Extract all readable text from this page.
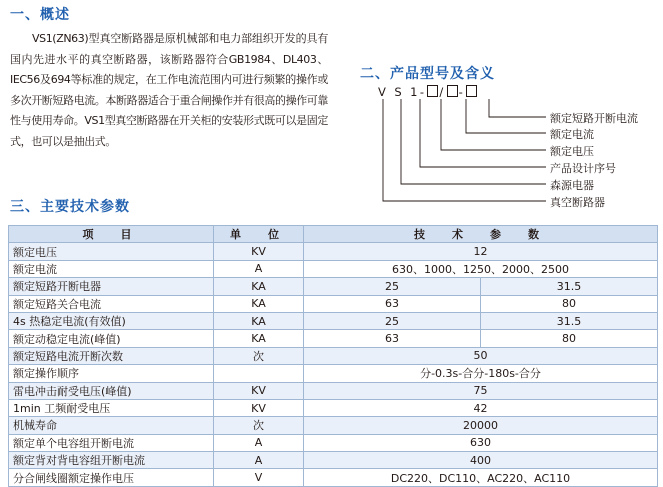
一、概述

VS1(ZN63)型真空断路器是原机械部和电力部组织开发的具有国内先进水平的真空断路器，该断路器符合GB1984、DL403、IEC56及694等标准的规定，在工作电流范围内可进行频繁的操作或多次开断短路电流。本断路器适合于重合闸操作并有很高的操作可靠性与使用寿命。VS1型真空断路器在开关柜的安装形式既可以是固定式，也可以是抽出式。

二、产品型号及含义
V S 1- / -
额定短路开断电流
额定电流
额定电压
产品设计序号
森源电器
真空断路器
三、主要技术参数
项　目	单　位	技　术　参　数	
额定电压	KV	12	
额定电流	A	630、1000、1250、2000、2500	
额定短路开断电器	KA	25	31.5
额定短路关合电流	KA	63	80
4s 热稳定电流(有效值)	KA	25	31.5
额定动稳定电流(峰值)	KA	63	80
额定短路电流开断次数	次	50	
额定操作顺序		分-0.3s-合分-180s-合分	
雷电冲击耐受电压(峰值)	KV	75	
1min 工频耐受电压	KV	42	
机械寿命	次	20000	
额定单个电容组开断电流	A	630	
额定背对背电容组开断电流	A	400	
分合闸线圈额定操作电压	V	DC220、DC110、AC220、AC110	
